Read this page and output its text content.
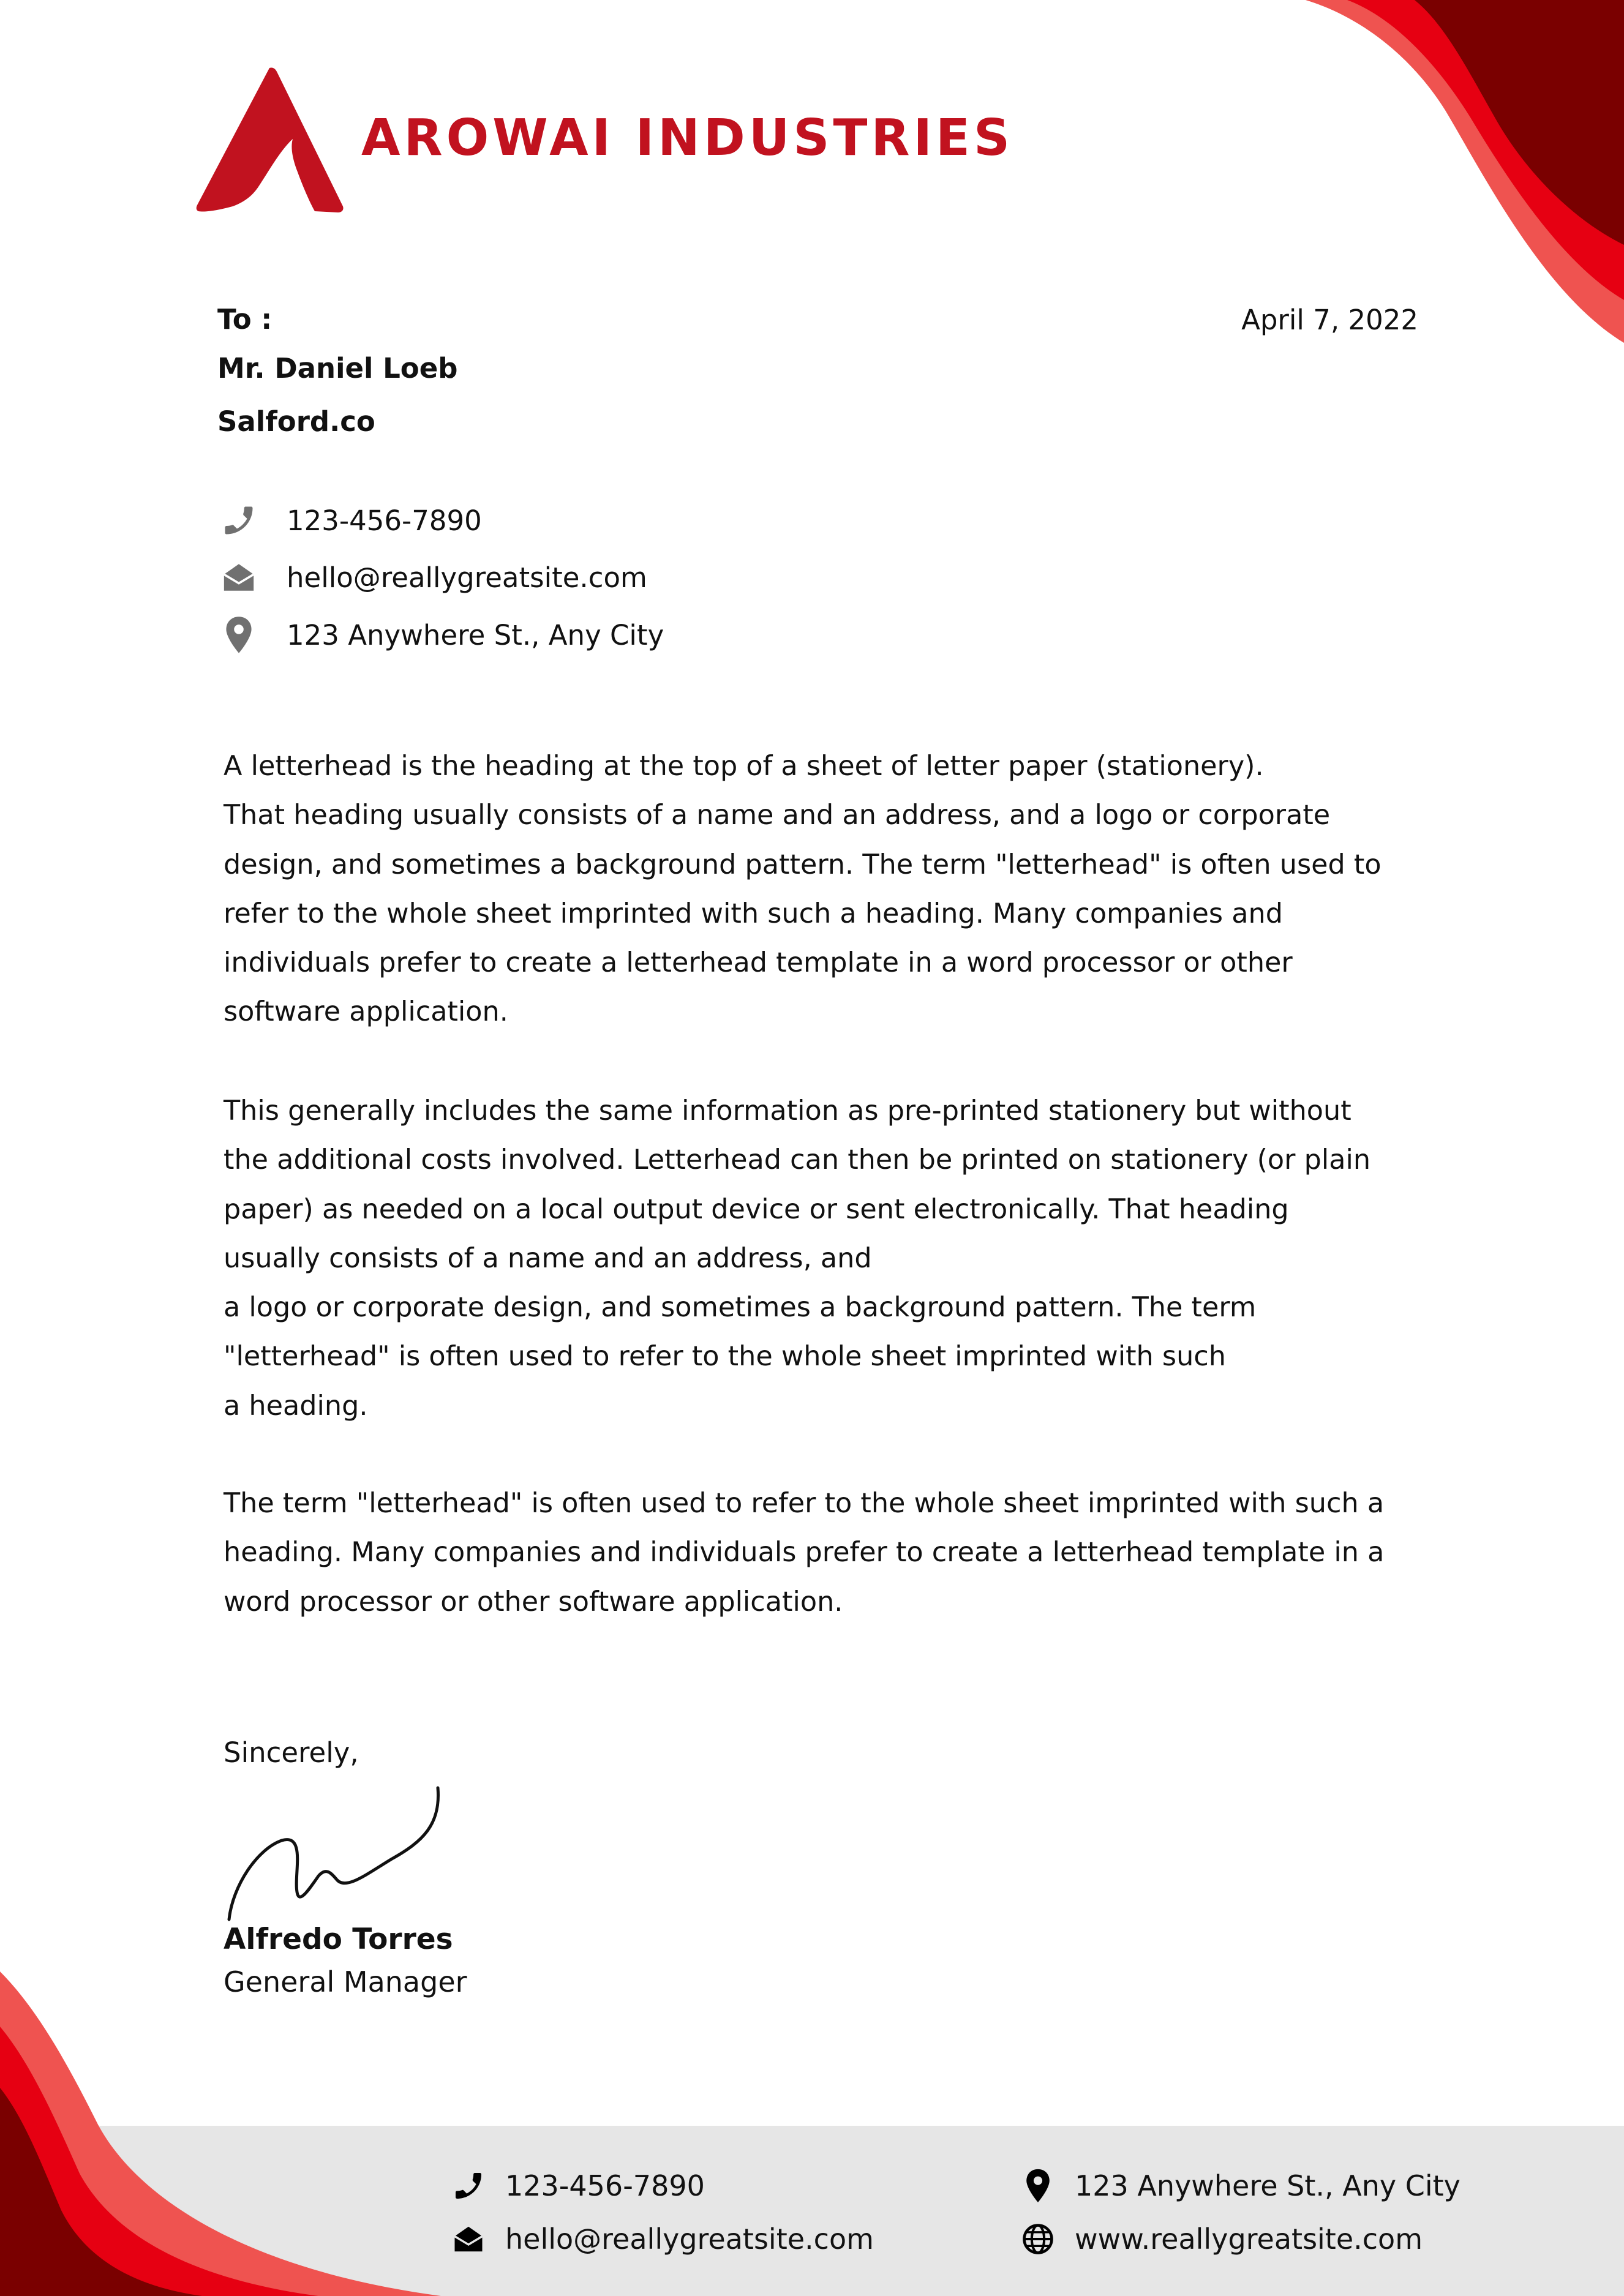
AROWAI INDUSTRIES
To :
Mr. Daniel Loeb
Salford.co
April 7, 2022
123-456-7890
hello@reallygreatsite.com
123 Anywhere St., Any City
A letterhead is the heading at the top of a sheet of letter paper (stationery).
That heading usually consists of a name and an address, and a logo or corporate
design, and sometimes a background pattern. The term "letterhead" is often used to
refer to the whole sheet imprinted with such a heading. Many companies and
individuals prefer to create a letterhead template in a word processor or other
software application.
This generally includes the same information as pre-printed stationery but without
the additional costs involved. Letterhead can then be printed on stationery (or plain
paper) as needed on a local output device or sent electronically. That heading
usually consists of a name and an address, and
a logo or corporate design, and sometimes a background pattern. The term
"letterhead" is often used to refer to the whole sheet imprinted with such
a heading.
The term "letterhead" is often used to refer to the whole sheet imprinted with such a
heading. Many companies and individuals prefer to create a letterhead template in a
word processor or other software application.
Sincerely,
Alfredo Torres
General Manager
123-456-7890
hello@reallygreatsite.com
123 Anywhere St., Any City
www.reallygreatsite.com
